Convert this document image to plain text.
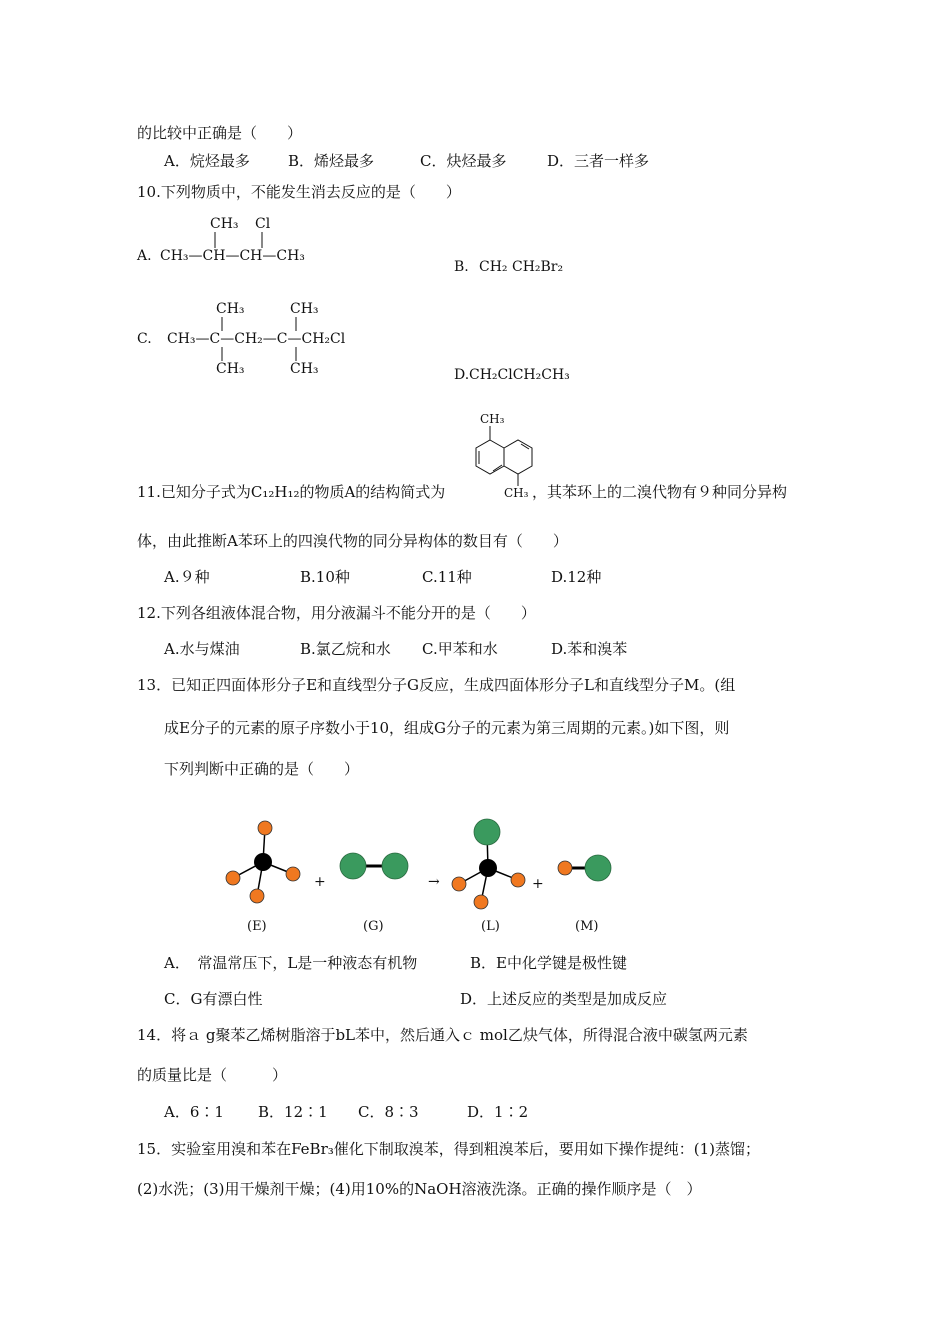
的比较中正确是（　　）
A．烷烃最多	B．烯烃最多	C．炔烃最多	D．三者一样多
10.下列物质中，不能发生消去反应的是（　　）
A. CH₃—CH—CH—CH₃
CH₃ Cl
B. CH₂ CH₂Br₂
C. CH₃—C—CH₂—C—CH₂Cl
CH₃	CH₃
CH₃	CH₃	D. CH₂ClCH₂CH₃
CH₃
11.已知分子式为C₁₂H₁₂的物质A的结构简式为	CH₃ ，其苯环上的二溴代物有９种同分异构
体，由此推断A苯环上的四溴代物的同分异构体的数目有（　　）
A.９种	B.10种	C.11种	D.12种
12.下列各组液体混合物，用分液漏斗不能分开的是（　　）
A.水与煤油	B.氯乙烷和水 C.甲苯和水	D.苯和溴苯
13．已知正四面体形分子E和直线型分子G反应，生成四面体形分子L和直线型分子M。(组
成E分子的元素的原子序数小于10，组成G分子的元素为第三周期的元素。)如下图，则
下列判断中正确的是（　　）
+	→	+
(E)	(G)	(L)	(M)
A．　常温常压下，L是一种液态有机物	B．E中化学键是极性键
C．G有漂白性	D．上述反应的类型是加成反应
14．将ａ g聚苯乙烯树脂溶于bL苯中，然后通入ｃ mol乙炔气体，所得混合液中碳氢两元素
的质量比是（　　　）
A．6∶1 B．12∶1 C．8∶3	D．1∶2
15．实验室用溴和苯在FeBr₃催化下制取溴苯，得到粗溴苯后，要用如下操作提纯：(1)蒸馏；
(2)水洗；(3)用干燥剂干燥；(4)用10%的NaOH溶液洗涤。正确的操作顺序是（　）
